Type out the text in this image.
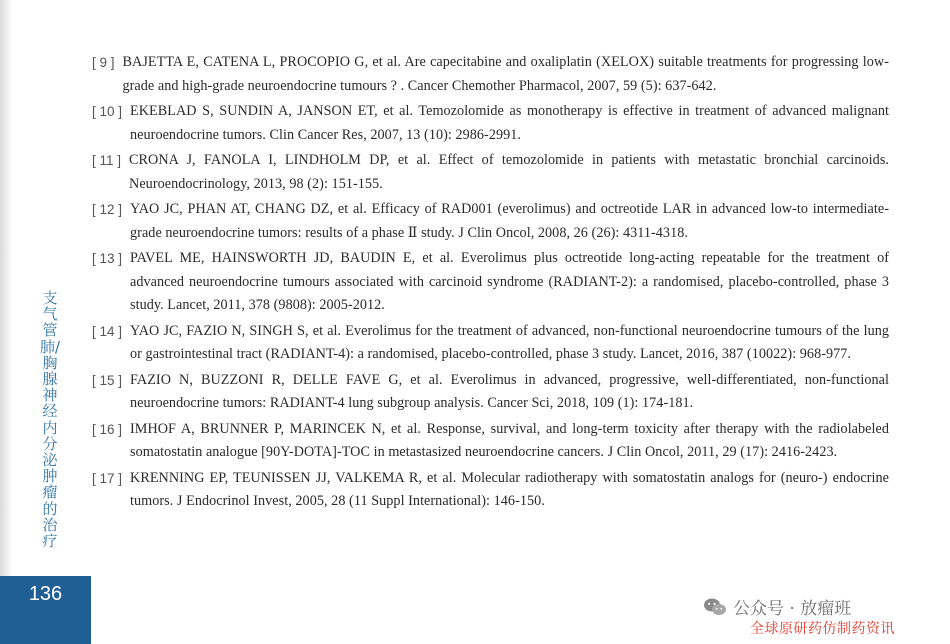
支气管肺/胸腺神经内分泌肿瘤的治疗
136
[ 9 ] BAJETTA E, CATENA L, PROCOPIO G, et al. Are capecitabine and oxaliplatin (XELOX) suitable treatments for progressing low-grade and high-grade neuroendocrine tumours ? . Cancer Chemother Pharmacol, 2007, 59 (5): 637-642.
[ 10 ] EKEBLAD S, SUNDIN A, JANSON ET, et al. Temozolomide as monotherapy is effective in treatment of advanced malignant neuroendocrine tumors. Clin Cancer Res, 2007, 13 (10): 2986-2991.
[ 11 ] CRONA J, FANOLA I, LINDHOLM DP, et al. Effect of temozolomide in patients with metastatic bronchial carcinoids. Neuroendocrinology, 2013, 98 (2): 151-155.
[ 12 ] YAO JC, PHAN AT, CHANG DZ, et al. Efficacy of RAD001 (everolimus) and octreotide LAR in advanced low-to intermediate-grade neuroendocrine tumors: results of a phase Ⅱ study. J Clin Oncol, 2008, 26 (26): 4311-4318.
[ 13 ] PAVEL ME, HAINSWORTH JD, BAUDIN E, et al. Everolimus plus octreotide long-acting repeatable for the treatment of advanced neuroendocrine tumours associated with carcinoid syndrome (RADIANT-2): a randomised, placebo-controlled, phase 3 study. Lancet, 2011, 378 (9808): 2005-2012.
[ 14 ] YAO JC, FAZIO N, SINGH S, et al. Everolimus for the treatment of advanced, non-functional neuroendocrine tumours of the lung or gastrointestinal tract (RADIANT-4): a randomised, placebo-controlled, phase 3 study. Lancet, 2016, 387 (10022): 968-977.
[ 15 ] FAZIO N, BUZZONI R, DELLE FAVE G, et al. Everolimus in advanced, progressive, well-differentiated, non-functional neuroendocrine tumors: RADIANT-4 lung subgroup analysis. Cancer Sci, 2018, 109 (1): 174-181.
[ 16 ] IMHOF A, BRUNNER P, MARINCEK N, et al. Response, survival, and long-term toxicity after therapy with the radiolabeled somatostatin analogue [90Y-DOTA]-TOC in metastasized neuroendocrine cancers. J Clin Oncol, 2011, 29 (17): 2416-2423.
[ 17 ] KRENNING EP, TEUNISSEN JJ, VALKEMA R, et al. Molecular radiotherapy with somatostatin analogs for (neuro-) endocrine tumors. J Endocrinol Invest, 2005, 28 (11 Suppl International): 146-150.
公众号 · 放瘤班
全球原研药仿制药资讯
